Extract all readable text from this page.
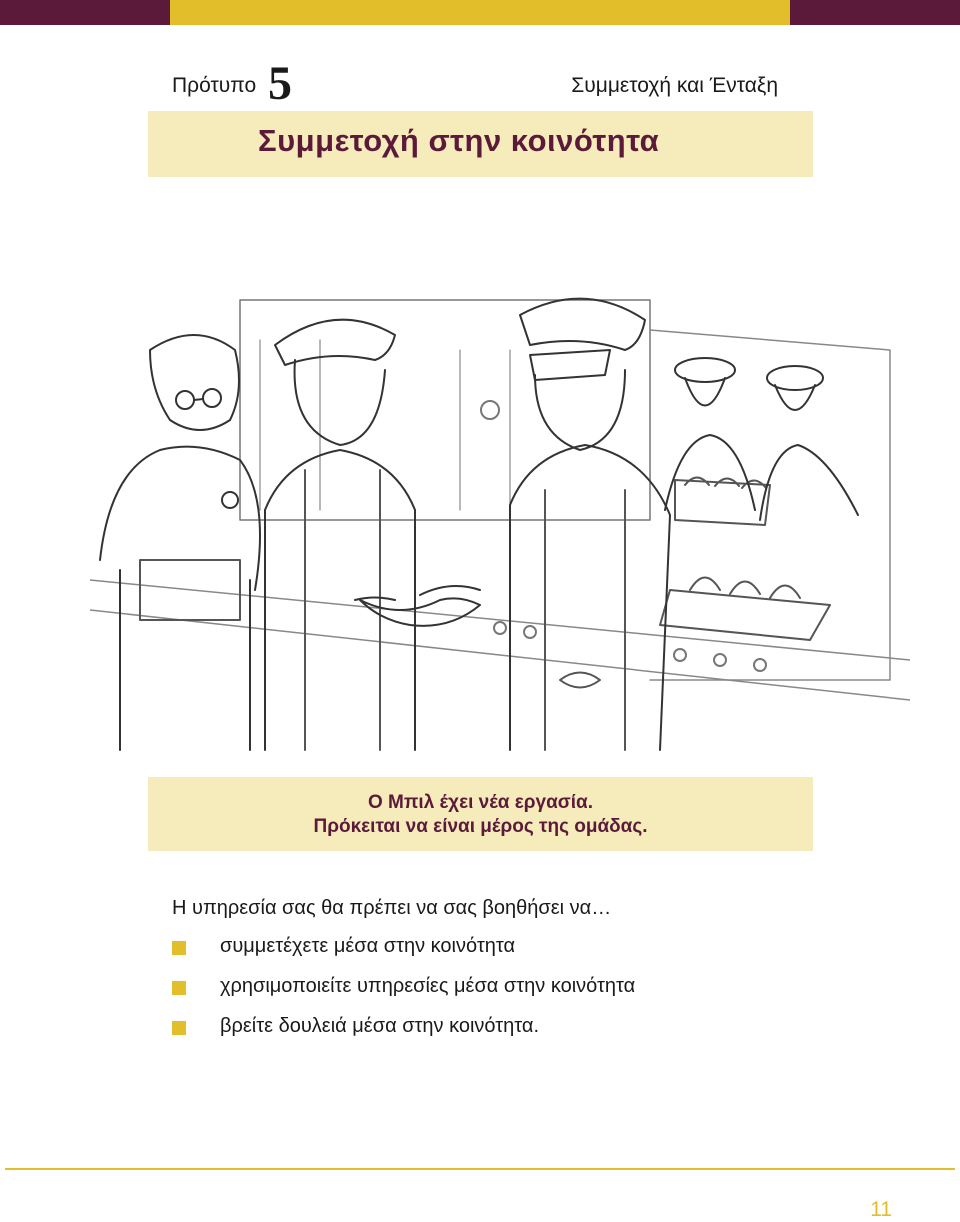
Πρότυπο 5	Συμμετοχή και Ένταξη
Συμμετοχή στην κοινότητα
Ο Μπιλ έχει νέα εργασία.
Πρόκειται να είναι μέρος της ομάδας.
Η υπηρεσία σας θα πρέπει να σας βοηθήσει να…
συμμετέχετε μέσα στην κοινότητα
χρησιμοποιείτε υπηρεσίες μέσα στην κοινότητα
βρείτε δουλειά μέσα στην κοινότητα.
11
